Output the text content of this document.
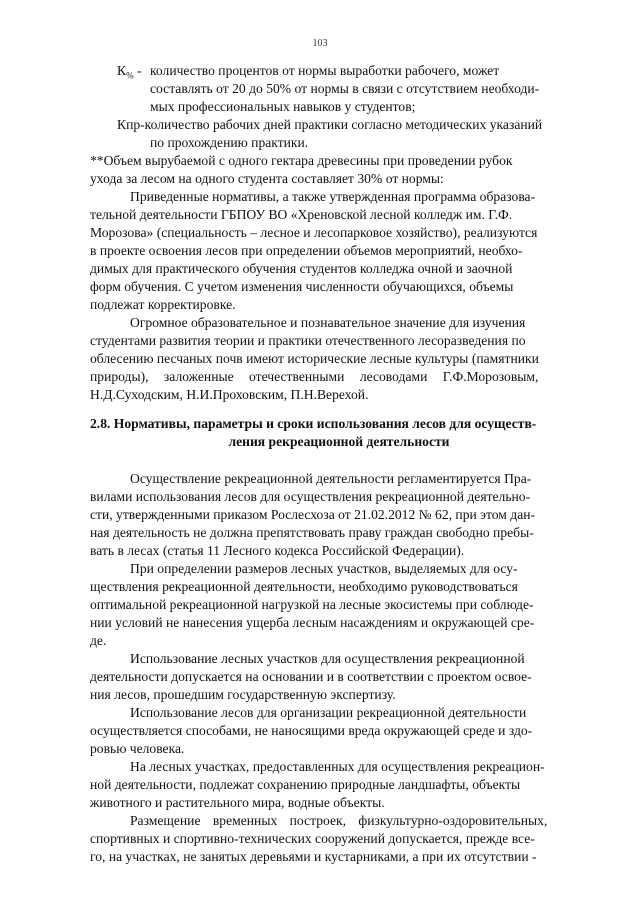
103
$К_{\%}$ - количество процентов от нормы выработки рабочего, может
составлять от 20 до 50% от нормы в связи с отсутствием необходи-
мых профессиональных навыков у студентов;
Кпр-количество рабочих дней практики согласно методических указаний
по прохождению практики.
**Объем вырубаемой с одного гектара древесины при проведении рубок
ухода за лесом на одного студента составляет 30% от нормы:
Приведенные нормативы, а также утвержденная программа образова-
тельной деятельности ГБПОУ ВО «Хреновской лесной колледж им. Г.Ф.
Морозова» (специальность – лесное и лесопарковое хозяйство), реализуются
в проекте освоения лесов при определении объемов мероприятий, необхо-
димых для практического обучения студентов колледжа очной и заочной
форм обучения. С учетом изменения численности обучающихся, объемы
подлежат корректировке.
Огромное образовательное и познавательное значение для изучения
студентами развития теории и практики отечественного лесоразведения по
облесению песчаных почв имеют исторические лесные культуры (памятники
природы), заложенные отечественными лесоводами Г.Ф.Морозовым,
Н.Д.Суходским, Н.И.Проховским, П.Н.Верехой.
2.8. Нормативы, параметры и сроки использования лесов для осуществ-
ления рекреационной деятельности
Осуществление рекреационной деятельности регламентируется Пра-
вилами использования лесов для осуществления рекреационной деятельно-
сти, утвержденными приказом Рослесхоза от 21.02.2012 № 62, при этом дан-
ная деятельность не должна препятствовать праву граждан свободно пребы-
вать в лесах (статья 11 Лесного кодекса Российской Федерации).
При определении размеров лесных участков, выделяемых для осу-
ществления рекреационной деятельности, необходимо руководствоваться
оптимальной рекреационной нагрузкой на лесные экосистемы при соблюде-
нии условий не нанесения ущерба лесным насаждениям и окружающей сре-
де.
Использование лесных участков для осуществления рекреационной
деятельности допускается на основании и в соответствии с проектом освое-
ния лесов, прошедшим государственную экспертизу.
Использование лесов для организации рекреационной деятельности
осуществляется способами, не наносящими вреда окружающей среде и здо-
ровью человека.
На лесных участках, предоставленных для осуществления рекреацион-
ной деятельности, подлежат сохранению природные ландшафты, объекты
животного и растительного мира, водные объекты.
Размещение временных построек, физкультурно-оздоровительных,
спортивных и спортивно-технических сооружений допускается, прежде все-
го, на участках, не занятых деревьями и кустарниками, а при их отсутствии -
